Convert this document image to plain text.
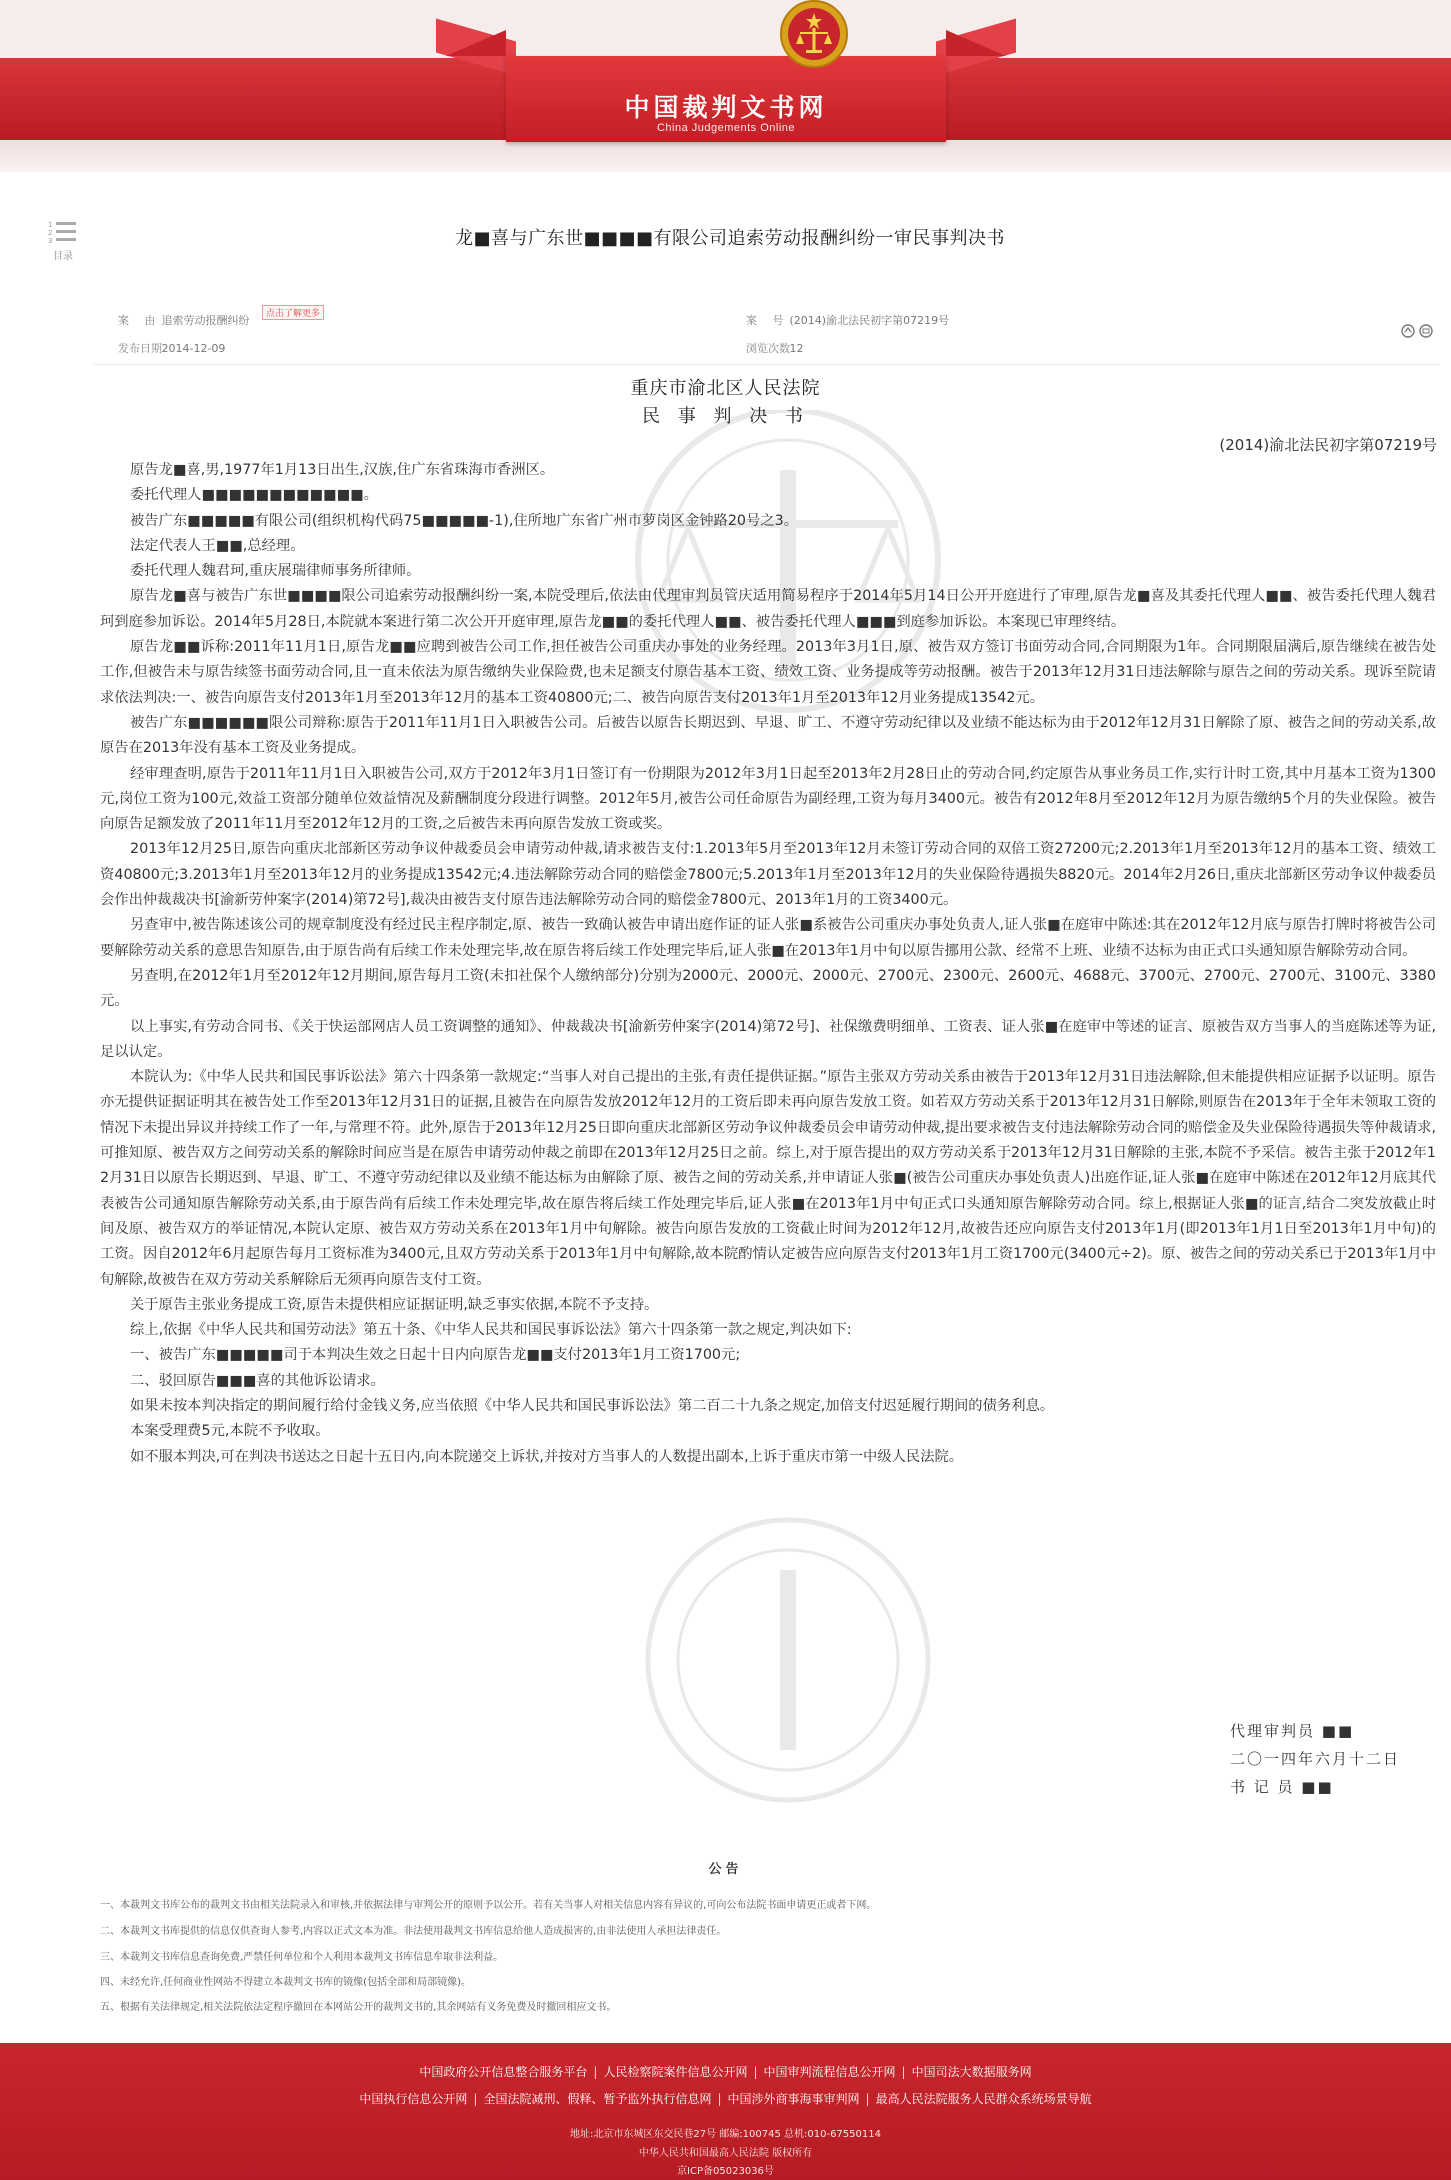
中国裁判文书网
China Judgements Online
1
2
3
目录
龙■喜与广东世■■■■有限公司追索劳动报酬纠纷一审民事判决书
案 由 追索劳动报酬纠纷	点击了解更多
发布日期 2014-12-09
案 号 (2014)渝北法民初字第07219号
浏览次数 12
重庆市渝北区人民法院
民 事 判 决 书
(2014)渝北法民初字第07219号

原告龙■喜,男,1977年1月13日出生,汉族,住广东省珠海市香洲区。

委托代理人■■■■■■■■■■■■。

被告广东■■■■■有限公司(组织机构代码75■■■■■-1),住所地广东省广州市萝岗区金钟路20号之3。

法定代表人王■■,总经理。

委托代理人魏君珂,重庆展瑞律师事务所律师。

原告龙■喜与被告广东世■■■■限公司追索劳动报酬纠纷一案,本院受理后,依法由代理审判员管庆适用简易程序于2014年5月14日公开开庭进行了审理,原告龙■喜及其委托代理人■■、被告委托代理人魏君珂到庭参加诉讼。2014年5月28日,本院就本案进行第二次公开开庭审理,原告龙■■的委托代理人■■、被告委托代理人■■■到庭参加诉讼。本案现已审理终结。

原告龙■■诉称:2011年11月1日,原告龙■■应聘到被告公司工作,担任被告公司重庆办事处的业务经理。2013年3月1日,原、被告双方签订书面劳动合同,合同期限为1年。合同期限届满后,原告继续在被告处工作,但被告未与原告续签书面劳动合同,且一直未依法为原告缴纳失业保险费,也未足额支付原告基本工资、绩效工资、业务提成等劳动报酬。被告于2013年12月31日违法解除与原告之间的劳动关系。现诉至院请求依法判决:一、被告向原告支付2013年1月至2013年12月的基本工资40800元;二、被告向原告支付2013年1月至2013年12月业务提成13542元。

被告广东■■■■■■限公司辩称:原告于2011年11月1日入职被告公司。后被告以原告长期迟到、早退、旷工、不遵守劳动纪律以及业绩不能达标为由于2012年12月31日解除了原、被告之间的劳动关系,故原告在2013年没有基本工资及业务提成。

经审理查明,原告于2011年11月1日入职被告公司,双方于2012年3月1日签订有一份期限为2012年3月1日起至2013年2月28日止的劳动合同,约定原告从事业务员工作,实行计时工资,其中月基本工资为1300元,岗位工资为100元,效益工资部分随单位效益情况及薪酬制度分段进行调整。2012年5月,被告公司任命原告为副经理,工资为每月3400元。被告有2012年8月至2012年12月为原告缴纳5个月的失业保险。被告向原告足额发放了2011年11月至2012年12月的工资,之后被告未再向原告发放工资或奖。

2013年12月25日,原告向重庆北部新区劳动争议仲裁委员会申请劳动仲裁,请求被告支付:1.2013年5月至2013年12月未签订劳动合同的双倍工资27200元;2.2013年1月至2013年12月的基本工资、绩效工资40800元;3.2013年1月至2013年12月的业务提成13542元;4.违法解除劳动合同的赔偿金7800元;5.2013年1月至2013年12月的失业保险待遇损失8820元。2014年2月26日,重庆北部新区劳动争议仲裁委员会作出仲裁裁决书[渝新劳仲案字(2014)第72号],裁决由被告支付原告违法解除劳动合同的赔偿金7800元、2013年1月的工资3400元。

另查审中,被告陈述该公司的规章制度没有经过民主程序制定,原、被告一致确认被告申请出庭作证的证人张■系被告公司重庆办事处负责人,证人张■在庭审中陈述:其在2012年12月底与原告打牌时将被告公司要解除劳动关系的意思告知原告,由于原告尚有后续工作未处理完毕,故在原告将后续工作处理完毕后,证人张■在2013年1月中旬以原告挪用公款、经常不上班、业绩不达标为由正式口头通知原告解除劳动合同。

另查明,在2012年1月至2012年12月期间,原告每月工资(未扣社保个人缴纳部分)分别为2000元、2000元、2000元、2700元、2300元、2600元、4688元、3700元、2700元、2700元、3100元、3380元。

以上事实,有劳动合同书、《关于快运部网店人员工资调整的通知》、仲裁裁决书[渝新劳仲案字(2014)第72号]、社保缴费明细单、工资表、证人张■在庭审中等述的证言、原被告双方当事人的当庭陈述等为证,足以认定。

本院认为:《中华人民共和国民事诉讼法》第六十四条第一款规定:“当事人对自己提出的主张,有责任提供证据。”原告主张双方劳动关系由被告于2013年12月31日违法解除,但未能提供相应证据予以证明。原告亦无提供证据证明其在被告处工作至2013年12月31日的证据,且被告在向原告发放2012年12月的工资后即未再向原告发放工资。如若双方劳动关系于2013年12月31日解除,则原告在2013年于全年未领取工资的情况下未提出异议并持续工作了一年,与常理不符。此外,原告于2013年12月25日即向重庆北部新区劳动争议仲裁委员会申请劳动仲裁,提出要求被告支付违法解除劳动合同的赔偿金及失业保险待遇损失等仲裁请求,可推知原、被告双方之间劳动关系的解除时间应当是在原告申请劳动仲裁之前即在2013年12月25日之前。综上,对于原告提出的双方劳动关系于2013年12月31日解除的主张,本院不予采信。被告主张于2012年12月31日以原告长期迟到、早退、旷工、不遵守劳动纪律以及业绩不能达标为由解除了原、被告之间的劳动关系,并申请证人张■(被告公司重庆办事处负责人)出庭作证,证人张■在庭审中陈述在2012年12月底其代表被告公司通知原告解除劳动关系,由于原告尚有后续工作未处理完毕,故在原告将后续工作处理完毕后,证人张■在2013年1月中旬正式口头通知原告解除劳动合同。综上,根据证人张■的证言,结合二突发放截止时间及原、被告双方的举证情况,本院认定原、被告双方劳动关系在2013年1月中旬解除。被告向原告发放的工资截止时间为2012年12月,故被告还应向原告支付2013年1月(即2013年1月1日至2013年1月中旬)的工资。因自2012年6月起原告每月工资标准为3400元,且双方劳动关系于2013年1月中旬解除,故本院酌情认定被告应向原告支付2013年1月工资1700元(3400元÷2)。原、被告之间的劳动关系已于2013年1月中旬解除,故被告在双方劳动关系解除后无须再向原告支付工资。

关于原告主张业务提成工资,原告未提供相应证据证明,缺乏事实依据,本院不予支持。

综上,依据《中华人民共和国劳动法》第五十条、《中华人民共和国民事诉讼法》第六十四条第一款之规定,判决如下:

一、被告广东■■■■■司于本判决生效之日起十日内向原告龙■■支付2013年1月工资1700元;

二、驳回原告■■■喜的其他诉讼请求。

如果未按本判决指定的期间履行给付金钱义务,应当依照《中华人民共和国民事诉讼法》第二百二十九条之规定,加倍支付迟延履行期间的债务利息。

本案受理费5元,本院不予收取。

如不服本判决,可在判决书送达之日起十五日内,向本院递交上诉状,并按对方当事人的人数提出副本,上诉于重庆市第一中级人民法院。

代理审判员 ■■
二〇一四年六月十二日
书 记 员 ■■
公告
一、本裁判文书库公布的裁判文书由相关法院录入和审核,并依据法律与审判公开的原则予以公开。若有关当事人对相关信息内容有异议的,可向公布法院书面申请更正或者下网。
二、本裁判文书库提供的信息仅供查询人参考,内容以正式文本为准。非法使用裁判文书库信息给他人造成损害的,由非法使用人承担法律责任。
三、本裁判文书库信息查询免费,严禁任何单位和个人利用本裁判文书库信息牟取非法利益。
四、未经允许,任何商业性网站不得建立本裁判文书库的镜像(包括全部和局部镜像)。
五、根据有关法律规定,相关法院依法定程序撤回在本网站公开的裁判文书的,其余网站有义务免费及时撤回相应文书。
中国政府公开信息整合服务平台 | 人民检察院案件信息公开网 | 中国审判流程信息公开网 | 中国司法大数据服务网
中国执行信息公开网 | 全国法院减刑、假释、暂予监外执行信息网 | 中国涉外商事海事审判网 | 最高人民法院服务人民群众系统场景导航
地址:北京市东城区东交民巷27号 邮编:100745 总机:010-67550114
中华人民共和国最高人民法院 版权所有
京ICP备05023036号
